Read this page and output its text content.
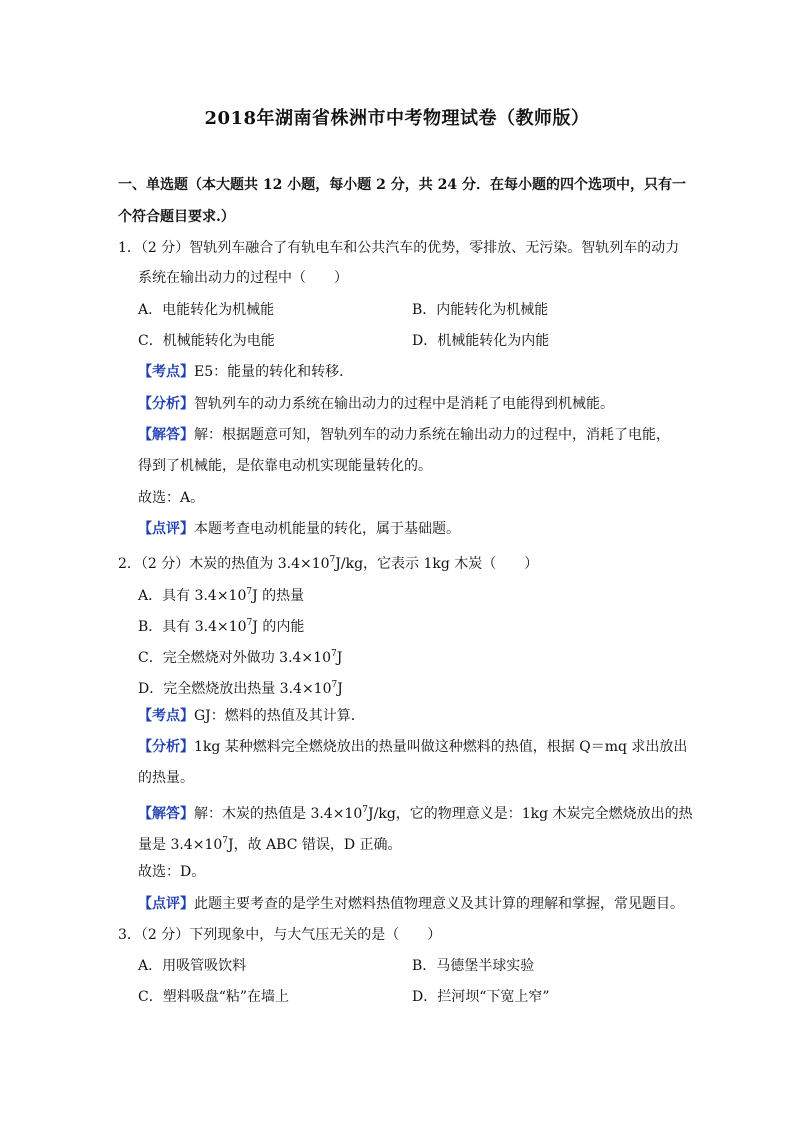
2018年湖南省株洲市中考物理试卷（教师版）
一、单选题（本大题共 12 小题，每小题 2 分，共 24 分．在每小题的四个选项中，只有一
个符合题目要求.）
1．（2 分）智轨列车融合了有轨电车和公共汽车的优势，零排放、无污染。智轨列车的动力
系统在输出动力的过程中（　　）
A．电能转化为机械能	B．内能转化为机械能
C．机械能转化为电能	D．机械能转化为内能
【考点】E5：能量的转化和转移．
【分析】智轨列车的动力系统在输出动力的过程中是消耗了电能得到机械能。
【解答】解：根据题意可知，智轨列车的动力系统在输出动力的过程中，消耗了电能，
得到了机械能，是依靠电动机实现能量转化的。
故选：A。
【点评】本题考查电动机能量的转化，属于基础题。
2．（2 分）木炭的热值为 $3.4\times 10^7J/kg$，它表示 1kg 木炭（　　）
A．具有 $3.4\times 10^7J$ 的热量
B．具有 $3.4\times 10^7J$ 的内能
C．完全燃烧对外做功 $3.4\times 10^7J$
D．完全燃烧放出热量 $3.4\times 10^7J$
【考点】GJ：燃料的热值及其计算．
【分析】1kg 某种燃料完全燃烧放出的热量叫做这种燃料的热值，根据 Q＝mq 求出放出
的热量。
【解答】解：木炭的热值是 $3.4\times 10^7J/kg$，它的物理意义是：1kg 木炭完全燃烧放出的热
量是 $3.4\times 10^7J$，故 ABC 错误，D 正确。
故选：D。
【点评】此题主要考查的是学生对燃料热值物理意义及其计算的理解和掌握，常见题目。
3．（2 分）下列现象中，与大气压无关的是（　　）
A．用吸管吸饮料	B．马德堡半球实验
C．塑料吸盘“粘”在墙上	D．拦河坝“下宽上窄”
